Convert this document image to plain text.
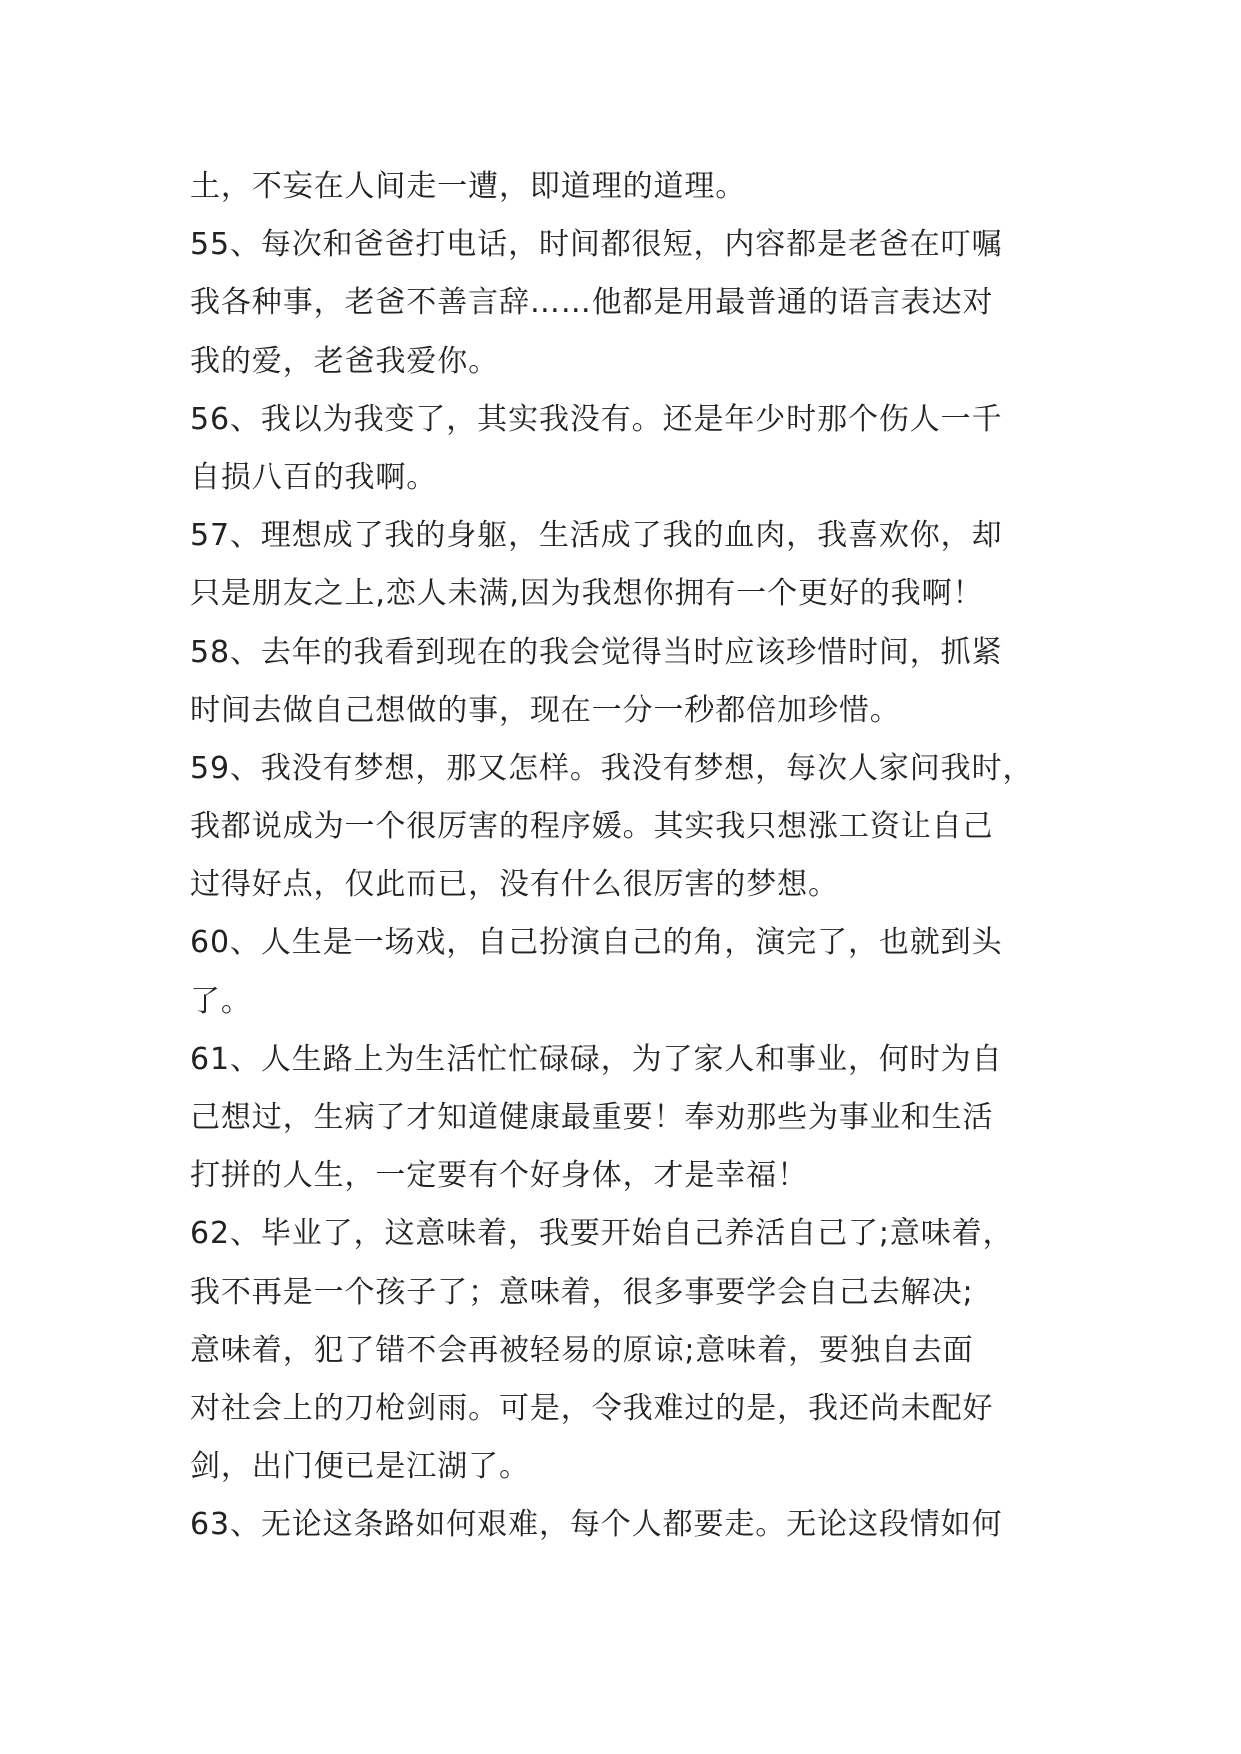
土，不妄在人间走一遭，即道理的道理。
55、每次和爸爸打电话，时间都很短，内容都是老爸在叮嘱
我各种事，老爸不善言辞……他都是用最普通的语言表达对
我的爱，老爸我爱你。
56、我以为我变了，其实我没有。还是年少时那个伤人一千
自损八百的我啊。
57、理想成了我的身躯，生活成了我的血肉，我喜欢你，却
只是朋友之上,恋人未满,因为我想你拥有一个更好的我啊！
58、去年的我看到现在的我会觉得当时应该珍惜时间，抓紧
时间去做自己想做的事，现在一分一秒都倍加珍惜。
59、我没有梦想，那又怎样。我没有梦想，每次人家问我时，
我都说成为一个很厉害的程序媛。其实我只想涨工资让自己
过得好点，仅此而已，没有什么很厉害的梦想。
60、人生是一场戏，自己扮演自己的角，演完了，也就到头
了。
61、人生路上为生活忙忙碌碌，为了家人和事业，何时为自
己想过，生病了才知道健康最重要！奉劝那些为事业和生活
打拼的人生，一定要有个好身体，才是幸福！
62、毕业了，这意味着，我要开始自己养活自己了;意味着，
我不再是一个孩子了；意味着，很多事要学会自己去解决;
意味着，犯了错不会再被轻易的原谅;意味着，要独自去面
对社会上的刀枪剑雨。可是，令我难过的是，我还尚未配好
剑，出门便已是江湖了。
63、无论这条路如何艰难，每个人都要走。无论这段情如何
